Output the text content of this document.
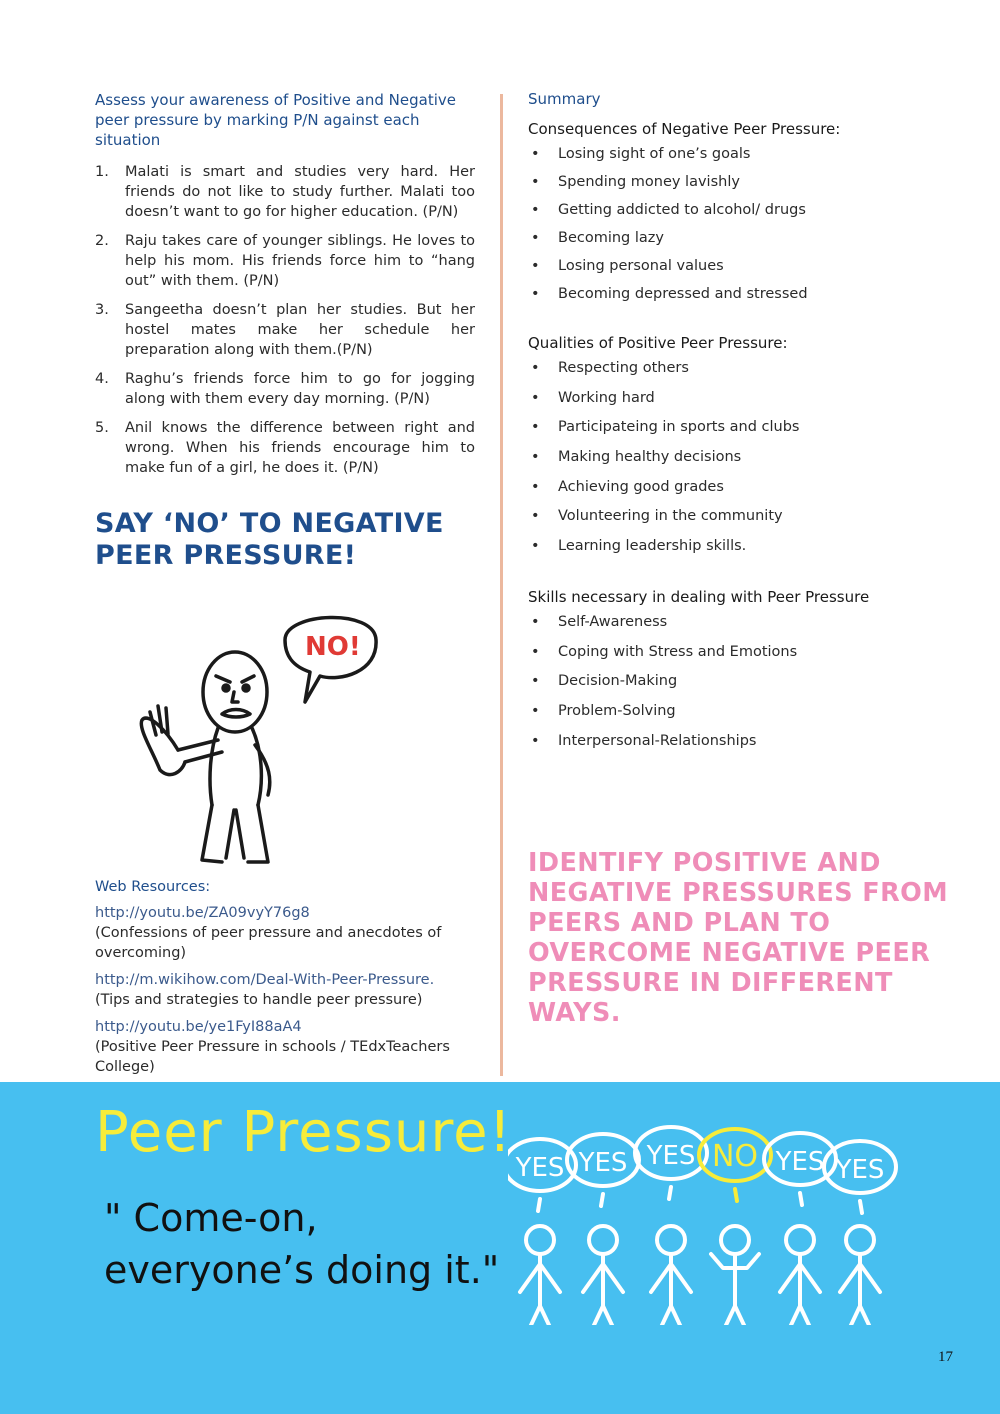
Assess your awareness of Positive and Negative peer pressure by marking P/N against each situation

1. Malati is smart and studies very hard. Her friends do not like to study further. Malati too doesn’t want to go for higher education. (P/N)
2. Raju takes care of younger siblings. He loves to help his mom. His friends force him to “hang out” with them. (P/N)
3. Sangeetha doesn’t plan her studies. But her hostel mates make her schedule her preparation along with them.(P/N)
4. Raghu’s friends force him to go for jogging along with them every day morning. (P/N)
5. Anil knows the difference between right and wrong. When his friends encourage him to make fun of a girl, he does it. (P/N)

SAY ‘NO’ TO NEGATIVE PEER PRESSURE!

NO!

Web Resources:

http://youtu.be/ZA09vyY76g8
(Confessions of peer pressure and anecdotes of overcoming)
http://m.wikihow.com/Deal-With-Peer-Pressure.
(Tips and strategies to handle peer pressure)
http://youtu.be/ye1FyI88aA4
(Positive Peer Pressure in schools / TEdxTeachers College)

Summary

Consequences of Negative Peer Pressure:

• Losing sight of one’s goals
• Spending money lavishly
• Getting addicted to alcohol/ drugs
• Becoming lazy
• Losing personal values
• Becoming depressed and stressed

Qualities of Positive Peer Pressure:

• Respecting others
• Working hard
• Participateing in sports and clubs
• Making healthy decisions
• Achieving good grades
• Volunteering in the community
• Learning leadership skills.

Skills necessary in dealing with Peer Pressure

• Self-Awareness
• Coping with Stress and Emotions
• Decision-Making
• Problem-Solving
• Interpersonal-Relationships

IDENTIFY POSITIVE AND NEGATIVE PRESSURES FROM PEERS AND PLAN TO OVERCOME NEGATIVE PEER PRESSURE IN DIFFERENT WAYS.

Peer Pressure!

" Come-on,
everyone’s doing it."

YES YES YES NO YES YES
17
